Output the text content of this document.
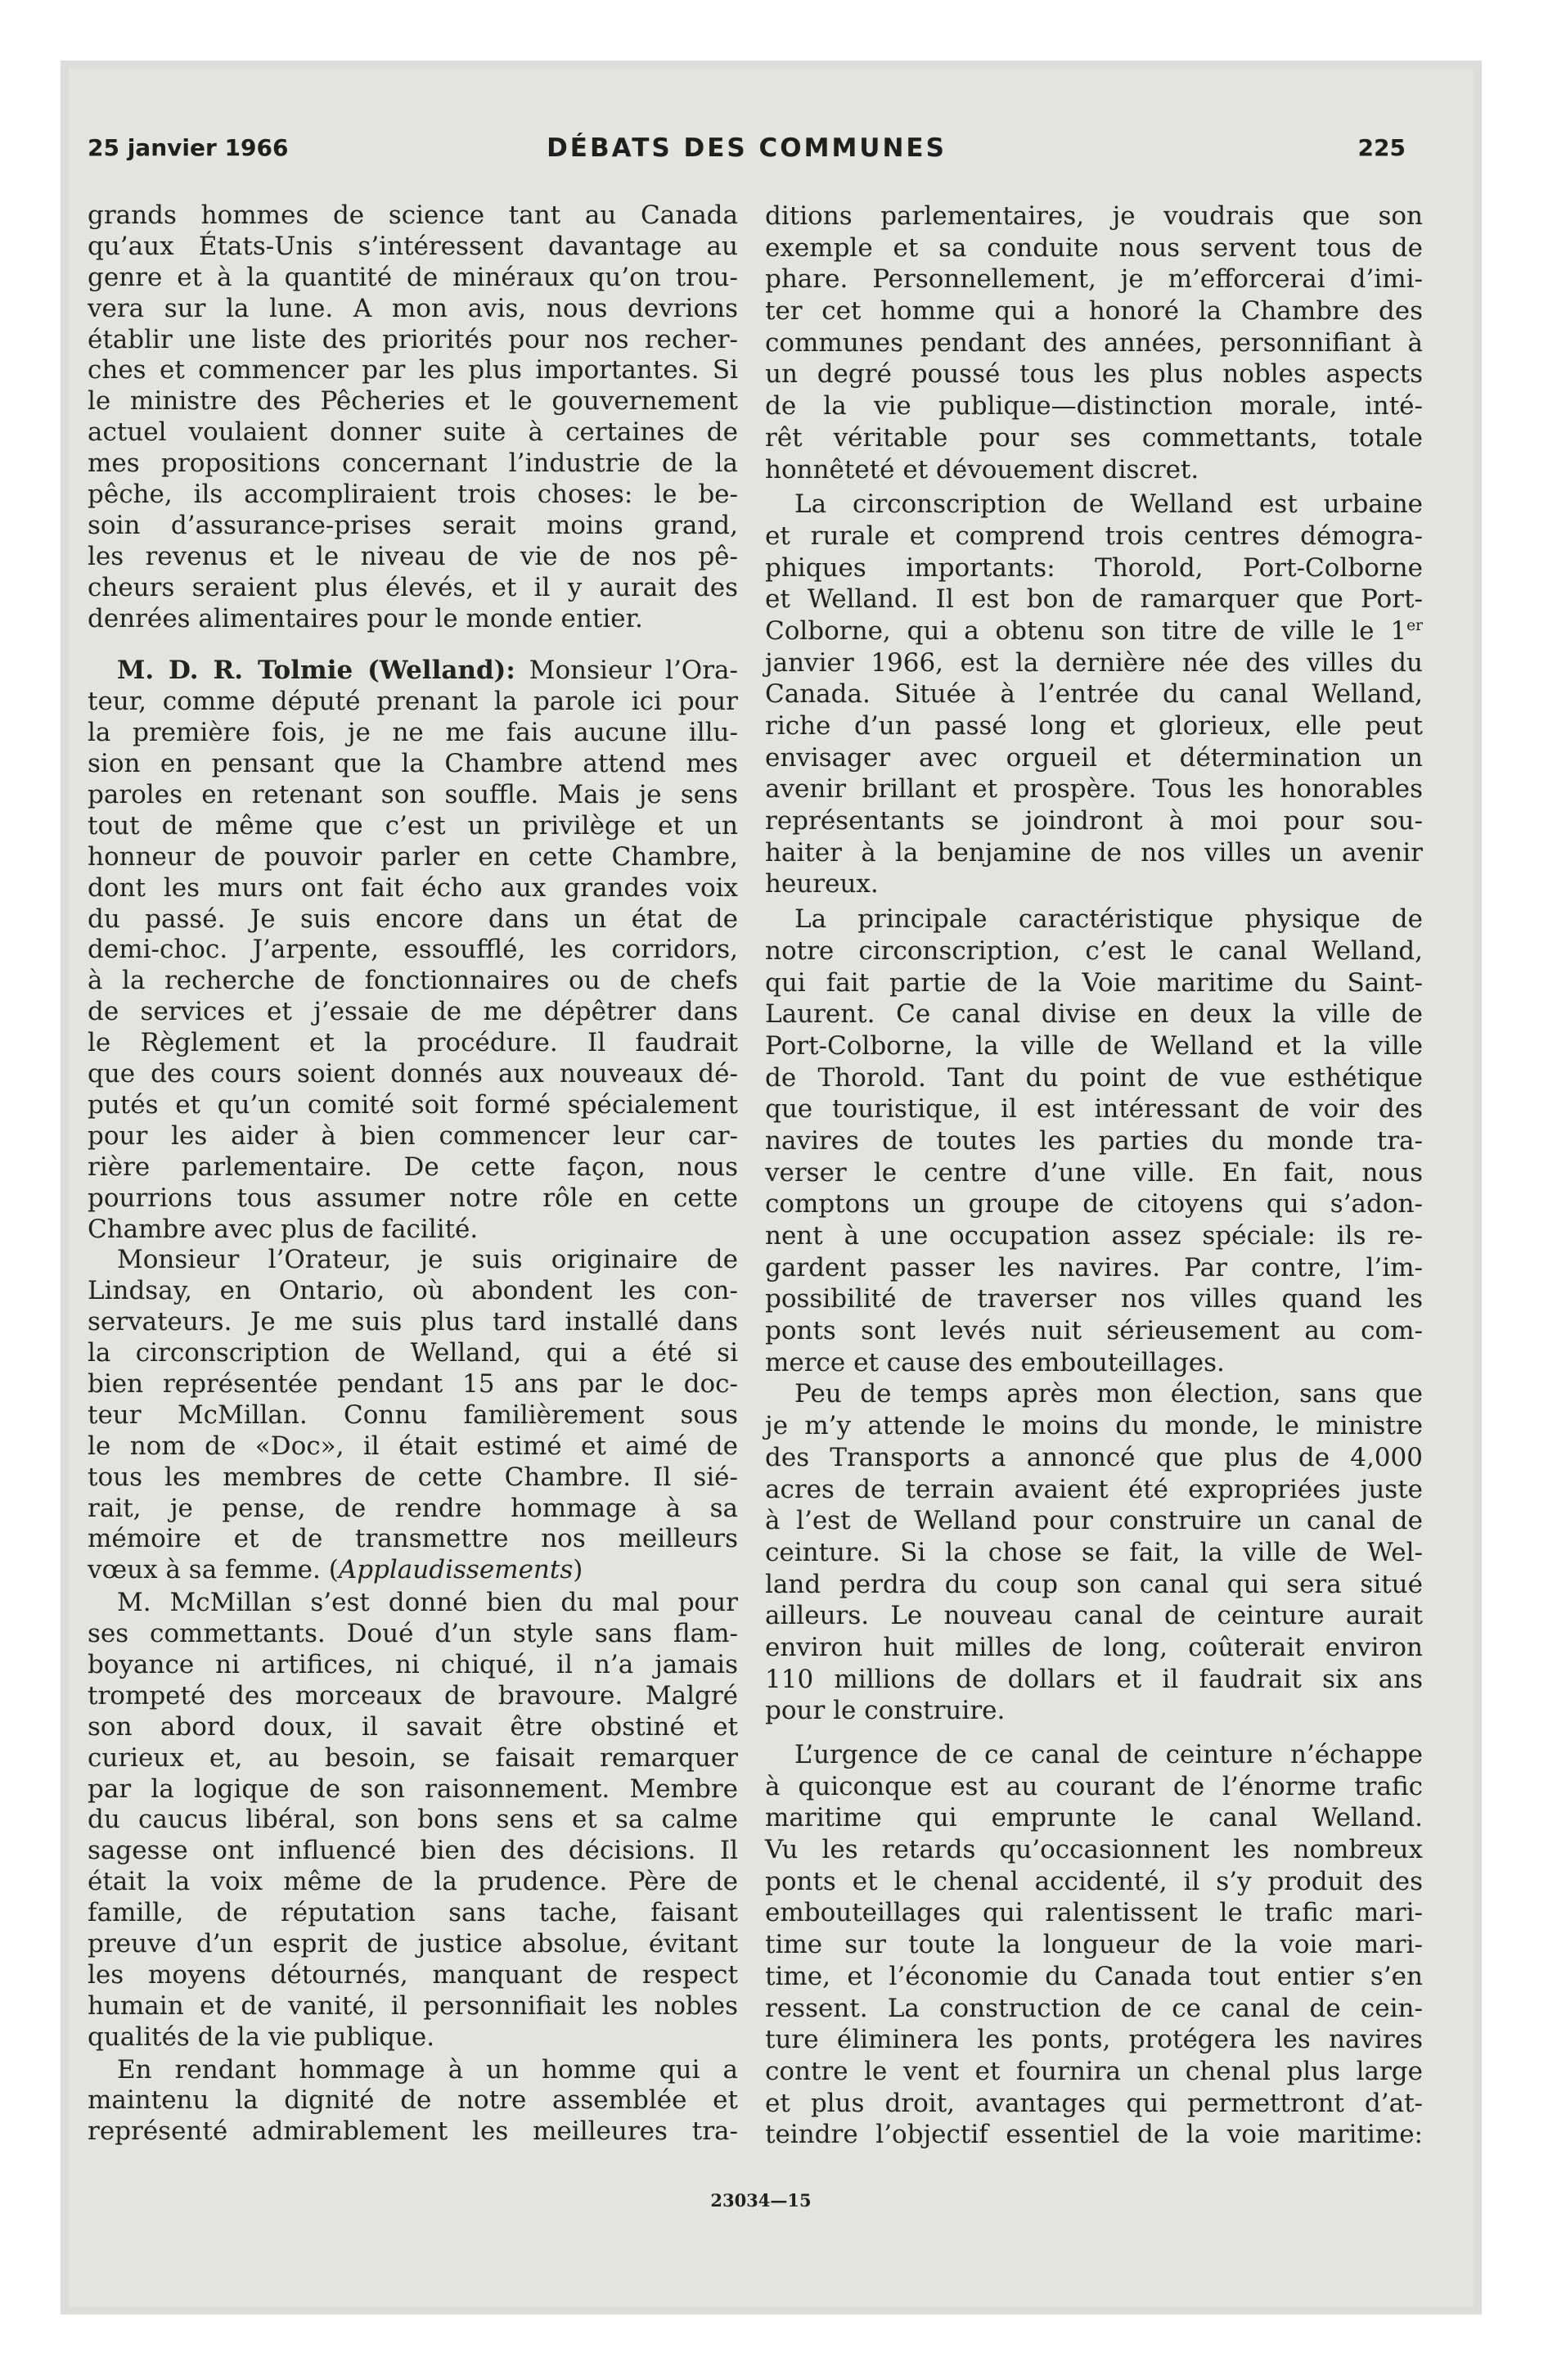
25 janvier 1966	DÉBATS DES COMMUNES	225
grands hommes de science tant au Canada
qu’aux États-Unis s’intéressent davantage au
genre et à la quantité de minéraux qu’on trou-
vera sur la lune. A mon avis, nous devrions
établir une liste des priorités pour nos recher-
ches et commencer par les plus importantes. Si
le ministre des Pêcheries et le gouvernement
actuel voulaient donner suite à certaines de
mes propositions concernant l’industrie de la
pêche, ils accompliraient trois choses: le be-
soin d’assurance-prises serait moins grand,
les revenus et le niveau de vie de nos pê-
cheurs seraient plus élevés, et il y aurait des
denrées alimentaires pour le monde entier.
M. D. R. Tolmie (Welland): Monsieur l’Ora-
teur, comme député prenant la parole ici pour
la première fois, je ne me fais aucune illu-
sion en pensant que la Chambre attend mes
paroles en retenant son souffle. Mais je sens
tout de même que c’est un privilège et un
honneur de pouvoir parler en cette Chambre,
dont les murs ont fait écho aux grandes voix
du passé. Je suis encore dans un état de
demi-choc. J’arpente, essoufflé, les corridors,
à la recherche de fonctionnaires ou de chefs
de services et j’essaie de me dépêtrer dans
le Règlement et la procédure. Il faudrait
que des cours soient donnés aux nouveaux dé-
putés et qu’un comité soit formé spécialement
pour les aider à bien commencer leur car-
rière parlementaire. De cette façon, nous
pourrions tous assumer notre rôle en cette
Chambre avec plus de facilité.
Monsieur l’Orateur, je suis originaire de
Lindsay, en Ontario, où abondent les con-
servateurs. Je me suis plus tard installé dans
la circonscription de Welland, qui a été si
bien représentée pendant 15 ans par le doc-
teur McMillan. Connu familièrement sous
le nom de «Doc», il était estimé et aimé de
tous les membres de cette Chambre. Il sié-
rait, je pense, de rendre hommage à sa
mémoire et de transmettre nos meilleurs
vœux à sa femme. (Applaudissements)
M. McMillan s’est donné bien du mal pour
ses commettants. Doué d’un style sans flam-
boyance ni artifices, ni chiqué, il n’a jamais
trompeté des morceaux de bravoure. Malgré
son abord doux, il savait être obstiné et
curieux et, au besoin, se faisait remarquer
par la logique de son raisonnement. Membre
du caucus libéral, son bons sens et sa calme
sagesse ont influencé bien des décisions. Il
était la voix même de la prudence. Père de
famille, de réputation sans tache, faisant
preuve d’un esprit de justice absolue, évitant
les moyens détournés, manquant de respect
humain et de vanité, il personnifiait les nobles
qualités de la vie publique.
En rendant hommage à un homme qui a
maintenu la dignité de notre assemblée et
représenté admirablement les meilleures tra-
ditions parlementaires, je voudrais que son
exemple et sa conduite nous servent tous de
phare. Personnellement, je m’efforcerai d’imi-
ter cet homme qui a honoré la Chambre des
communes pendant des années, personnifiant à
un degré poussé tous les plus nobles aspects
de la vie publique—distinction morale, inté-
rêt véritable pour ses commettants, totale
honnêteté et dévouement discret.
La circonscription de Welland est urbaine
et rurale et comprend trois centres démogra-
phiques importants: Thorold, Port-Colborne
et Welland. Il est bon de ramarquer que Port-
Colborne, qui a obtenu son titre de ville le 1er
janvier 1966, est la dernière née des villes du
Canada. Située à l’entrée du canal Welland,
riche d’un passé long et glorieux, elle peut
envisager avec orgueil et détermination un
avenir brillant et prospère. Tous les honorables
représentants se joindront à moi pour sou-
haiter à la benjamine de nos villes un avenir
heureux.
La principale caractéristique physique de
notre circonscription, c’est le canal Welland,
qui fait partie de la Voie maritime du Saint-
Laurent. Ce canal divise en deux la ville de
Port-Colborne, la ville de Welland et la ville
de Thorold. Tant du point de vue esthétique
que touristique, il est intéressant de voir des
navires de toutes les parties du monde tra-
verser le centre d’une ville. En fait, nous
comptons un groupe de citoyens qui s’adon-
nent à une occupation assez spéciale: ils re-
gardent passer les navires. Par contre, l’im-
possibilité de traverser nos villes quand les
ponts sont levés nuit sérieusement au com-
merce et cause des embouteillages.
Peu de temps après mon élection, sans que
je m’y attende le moins du monde, le ministre
des Transports a annoncé que plus de 4,000
acres de terrain avaient été expropriées juste
à l’est de Welland pour construire un canal de
ceinture. Si la chose se fait, la ville de Wel-
land perdra du coup son canal qui sera situé
ailleurs. Le nouveau canal de ceinture aurait
environ huit milles de long, coûterait environ
110 millions de dollars et il faudrait six ans
pour le construire.
L’urgence de ce canal de ceinture n’échappe
à quiconque est au courant de l’énorme trafic
maritime qui emprunte le canal Welland.
Vu les retards qu’occasionnent les nombreux
ponts et le chenal accidenté, il s’y produit des
embouteillages qui ralentissent le trafic mari-
time sur toute la longueur de la voie mari-
time, et l’économie du Canada tout entier s’en
ressent. La construction de ce canal de cein-
ture éliminera les ponts, protégera les navires
contre le vent et fournira un chenal plus large
et plus droit, avantages qui permettront d’at-
teindre l’objectif essentiel de la voie maritime:
23034—15
